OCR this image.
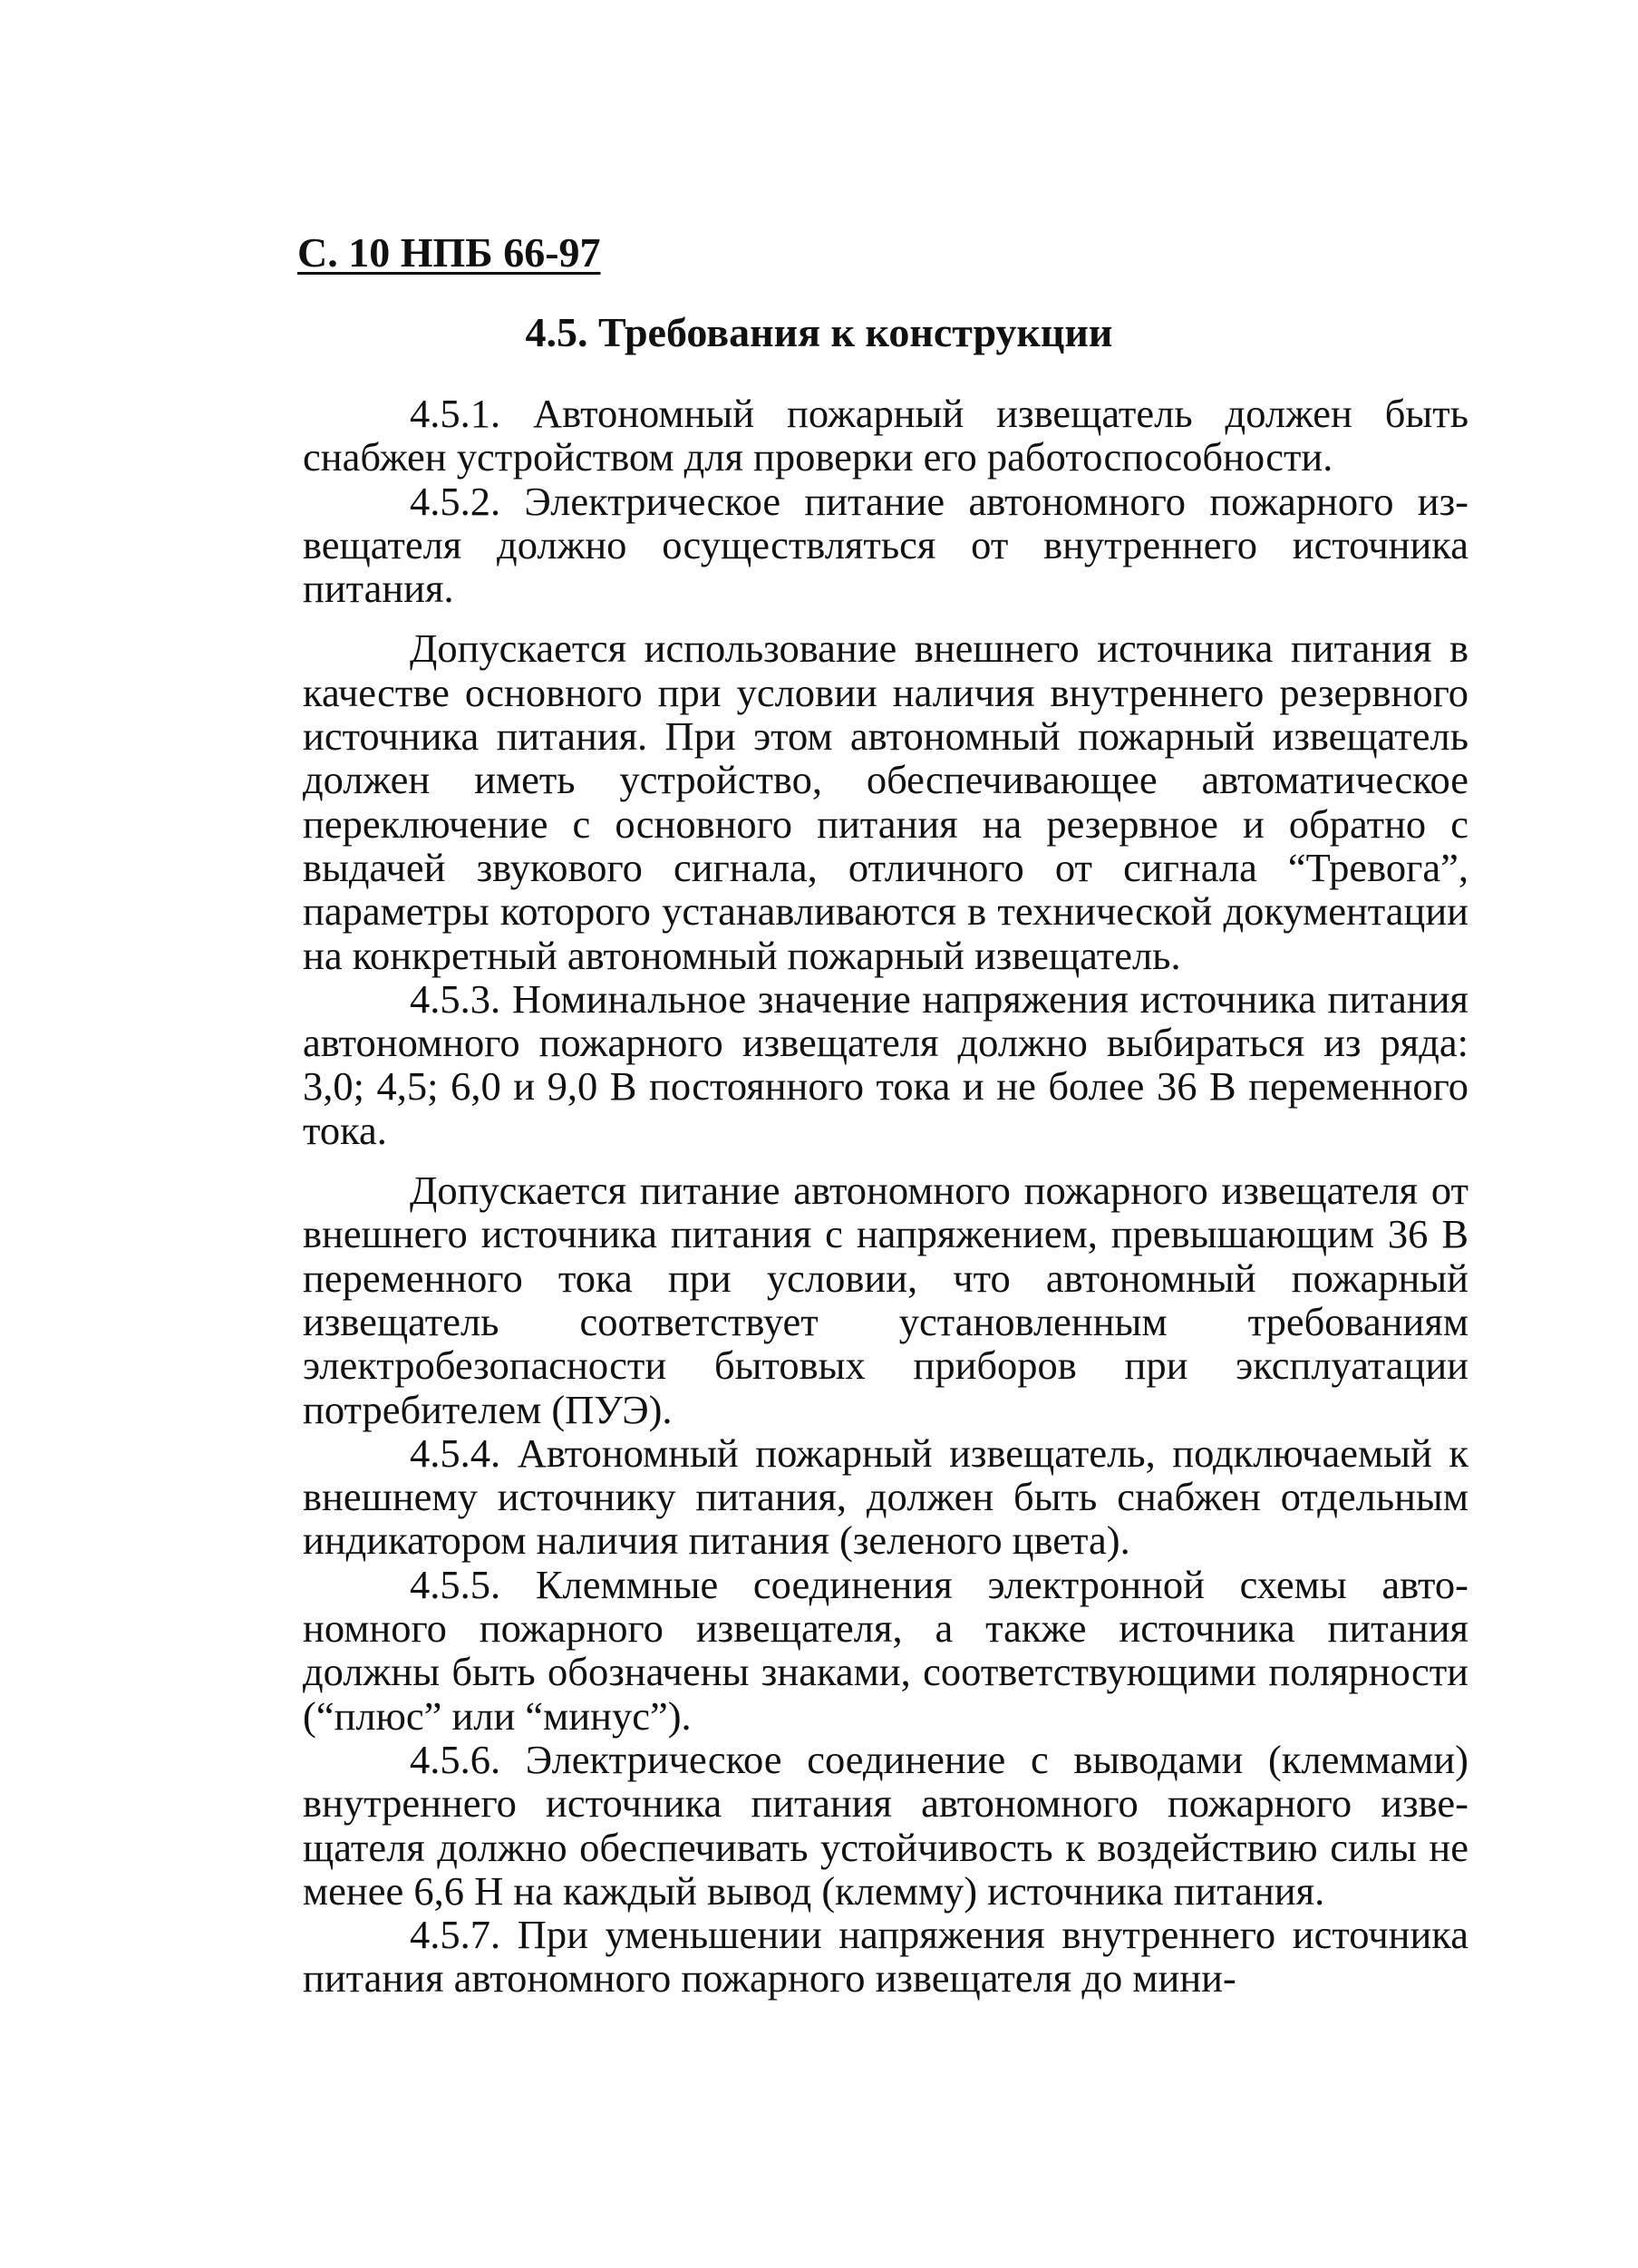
С. 10 НПБ 66-97
4.5. Требования к конструкции

4.5.1. Автономный пожарный извещатель должен быть снабжен устройством для проверки его работоспособности.

4.5.2. Электрическое питание автономного пожарного извещателя должно осуществляться от внутреннего источника питания.

Допускается использование внешнего источника питания в качестве основного при условии наличия внутреннего резервного источника питания. При этом автономный пожарный извещатель должен иметь устройство, обеспечивающее автоматическое переключение с основного питания на резервное и обратно с выдачей звукового сигнала, отличного от сигнала “Тревога”, параметры которого устанавливаются в технической документации на конкретный автономный пожарный извещатель.

4.5.3. Номинальное значение напряжения источника питания автономного пожарного извещателя должно выбираться из ряда: 3,0; 4,5; 6,0 и 9,0 В постоянного тока и не более 36 В переменного тока.

Допускается питание автономного пожарного извещателя от внешнего источника питания с напряжением, превышающим 36 В переменного тока при условии, что автономный пожарный извещатель соответствует установленным требованиям электробезопасности бытовых приборов при эксплуатации потребителем (ПУЭ).

4.5.4. Автономный пожарный извещатель, подключаемый к внешнему источнику питания, должен быть снабжен отдельным индикатором наличия питания (зеленого цвета).

4.5.5. Клеммные соединения электронной схемы автономного пожарного извещателя, а также источника питания должны быть обозначены знаками, соответствующими полярности (“плюс” или “минус”).

4.5.6. Электрическое соединение с выводами (клеммами) внутреннего источника питания автономного пожарного извещателя должно обеспечивать устойчивость к воздействию силы не менее 6,6 Н на каждый вывод (клемму) источника питания.

4.5.7. При уменьшении напряжения внутреннего источника питания автономного пожарного извещателя до мини-
